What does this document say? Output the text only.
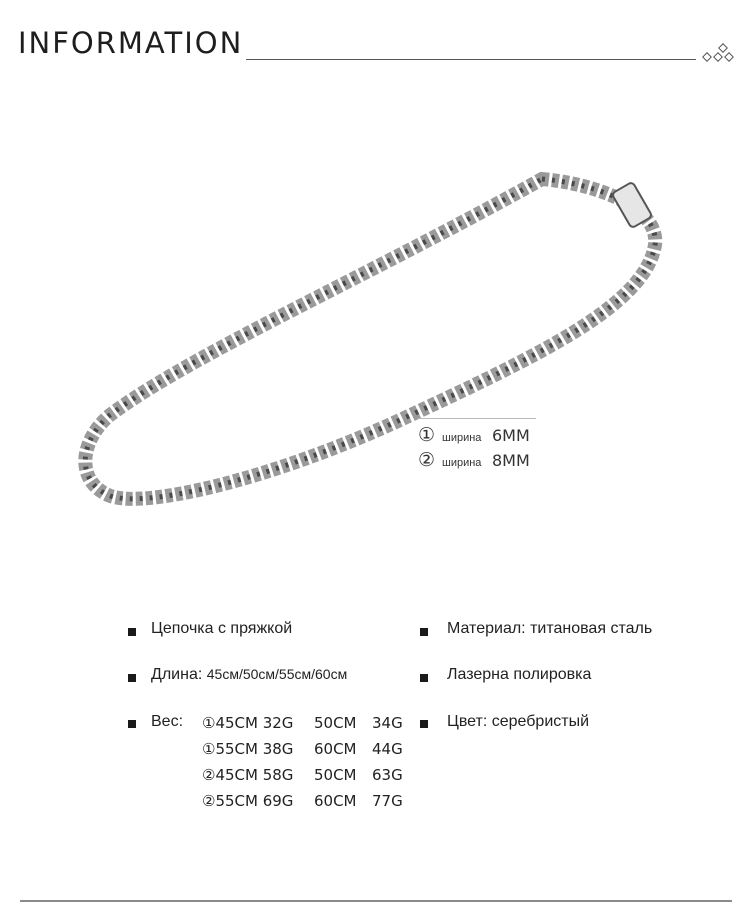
INFORMATION
① ширина 6MM
② ширина 8MM
Цепочка с пряжкой
Длина: 45см/50см/55см/60см
Вес: ①45CM 32G 50CM 34G
①55CM 38G 60CM 44G
②45CM 58G 50CM 63G
②55CM 69G 60CM 77G
Материал: титановая сталь
Лазерна полировка
Цвет: серебристый
